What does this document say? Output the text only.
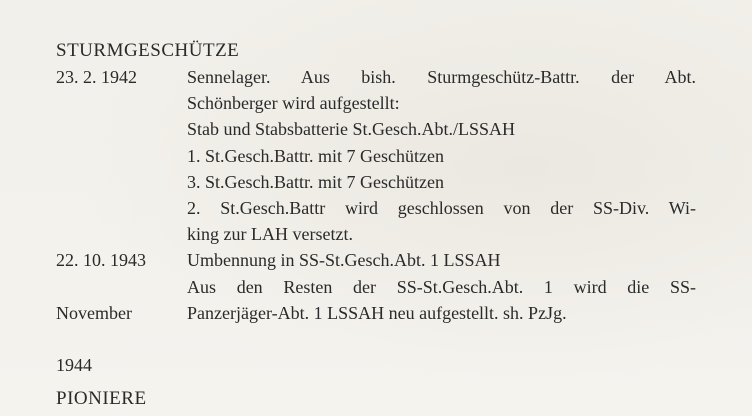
STURMGESCHÜTZE
23. 2. 1942	Sennelager. Aus bish. Sturmgeschütz-Battr. der Abt.
Schönberger wird aufgestellt:
Stab und Stabsbatterie St.Gesch.Abt./LSSAH
1. St.Gesch.Battr. mit 7 Geschützen
3. St.Gesch.Battr. mit 7 Geschützen
2. St.Gesch.Battr wird geschlossen von der SS-Div. Wi-
king zur LAH versetzt.
22. 10. 1943	Umbennung in SS-St.Gesch.Abt. 1 LSSAH

November

1944

Aus den Resten der SS-St.Gesch.Abt. 1 wird die SS-
Panzerjäger-Abt. 1 LSSAH neu aufgestellt. sh. PzJg.
PIONIERE
